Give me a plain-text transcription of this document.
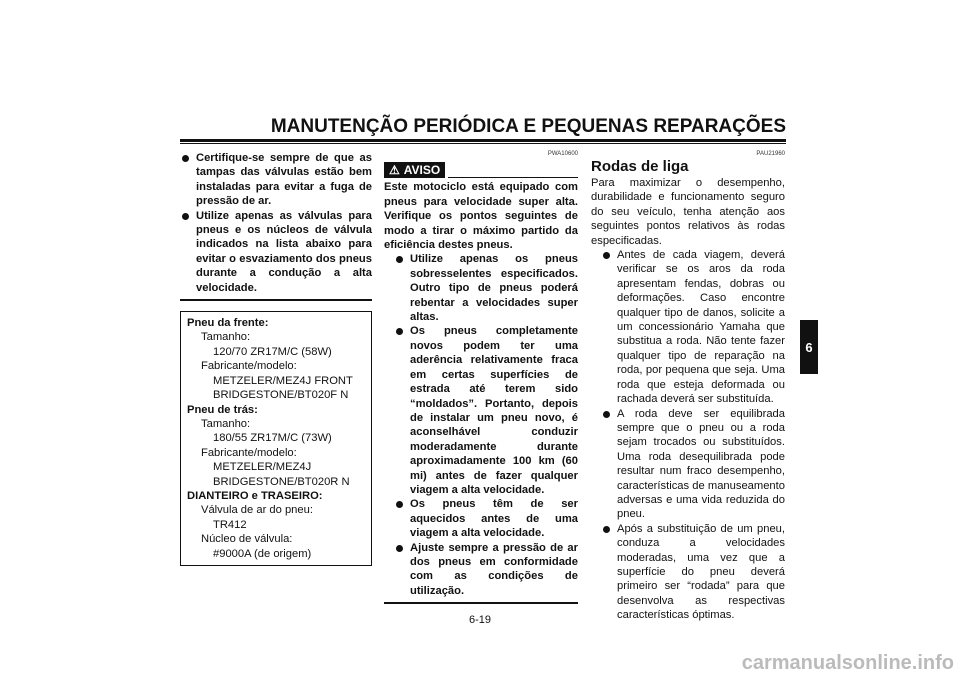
MANUTENÇÃO PERIÓDICA E PEQUENAS REPARAÇÕES
Certifique-se sempre de que as tampas das válvulas estão bem instaladas para evitar a fuga de pressão de ar.
Utilize apenas as válvulas para pneus e os núcleos de válvula indicados na lista abaixo para evitar o esvaziamento dos pneus durante a condução a alta velocidade.
Pneu da frente:
Tamanho:
120/70 ZR17M/C (58W)
Fabricante/modelo:
METZELER/MEZ4J FRONT
BRIDGESTONE/BT020F N
Pneu de trás:
Tamanho:
180/55 ZR17M/C (73W)
Fabricante/modelo:
METZELER/MEZ4J
BRIDGESTONE/BT020R N
DIANTEIRO e TRASEIRO:
Válvula de ar do pneu:
TR412
Núcleo de válvula:
#9000A (de origem)
PWA10600
⚠ AVISO
Este motociclo está equipado com pneus para velocidade super alta. Verifique os pontos seguintes de modo a tirar o máximo partido da eficiência destes pneus.
Utilize apenas os pneus sobresselentes especificados. Outro tipo de pneus poderá rebentar a velocidades super altas.
Os pneus completamente novos podem ter uma aderência relativamente fraca em certas superfícies de estrada até terem sido “moldados”. Portanto, depois de instalar um pneu novo, é aconselhável conduzir moderadamente durante aproximadamente 100 km (60 mi) antes de fazer qualquer viagem a alta velocidade.
Os pneus têm de ser aquecidos antes de uma viagem a alta velocidade.
Ajuste sempre a pressão de ar dos pneus em conformidade com as condições de utilização.
PAU21960
Rodas de liga
Para maximizar o desempenho, durabilidade e funcionamento seguro do seu veículo, tenha atenção aos seguintes pontos relativos às rodas especificadas.
Antes de cada viagem, deverá verificar se os aros da roda apresentam fendas, dobras ou deformações. Caso encontre qualquer tipo de danos, solicite a um concessionário Yamaha que substitua a roda. Não tente fazer qualquer tipo de reparação na roda, por pequena que seja. Uma roda que esteja deformada ou rachada deverá ser substituída.
A roda deve ser equilibrada sempre que o pneu ou a roda sejam trocados ou substituídos. Uma roda desequilibrada pode resultar num fraco desempenho, características de manuseamento adversas e uma vida reduzida do pneu.
Após a substituição de um pneu, conduza a velocidades moderadas, uma vez que a superfície do pneu deverá primeiro ser “rodada” para que desenvolva as respectivas características óptimas.
6
6-19
carmanualsonline.info
